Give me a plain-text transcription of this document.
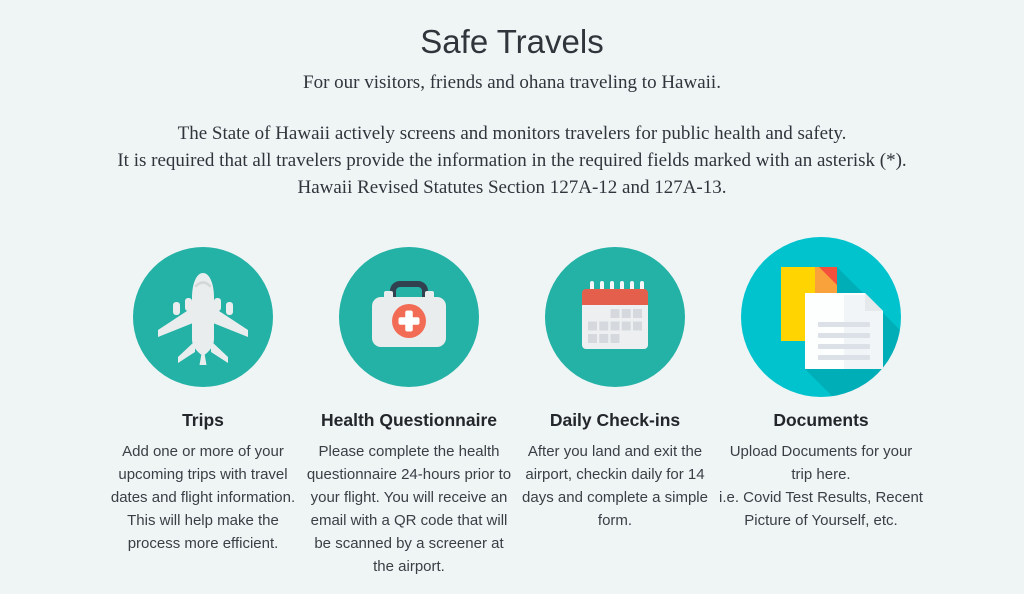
Safe Travels
For our visitors, friends and ohana traveling to Hawaii.
The State of Hawaii actively screens and monitors travelers for public health and safety.
It is required that all travelers provide the information in the required fields marked with an asterisk (*).
Hawaii Revised Statutes Section 127A-12 and 127A-13.
Trips

Add one or more of your upcoming trips with travel dates and flight information. This will help make the process more efficient.

Health Questionnaire

Please complete the health questionnaire 24-hours prior to your flight. You will receive an email with a QR code that will be scanned by a screener at the airport.

Daily Check-ins

After you land and exit the airport, checkin daily for 14 days and complete a simple form.

Documents

Upload Documents for your trip here.
i.e. Covid Test Results, Recent Picture of Yourself, etc.
